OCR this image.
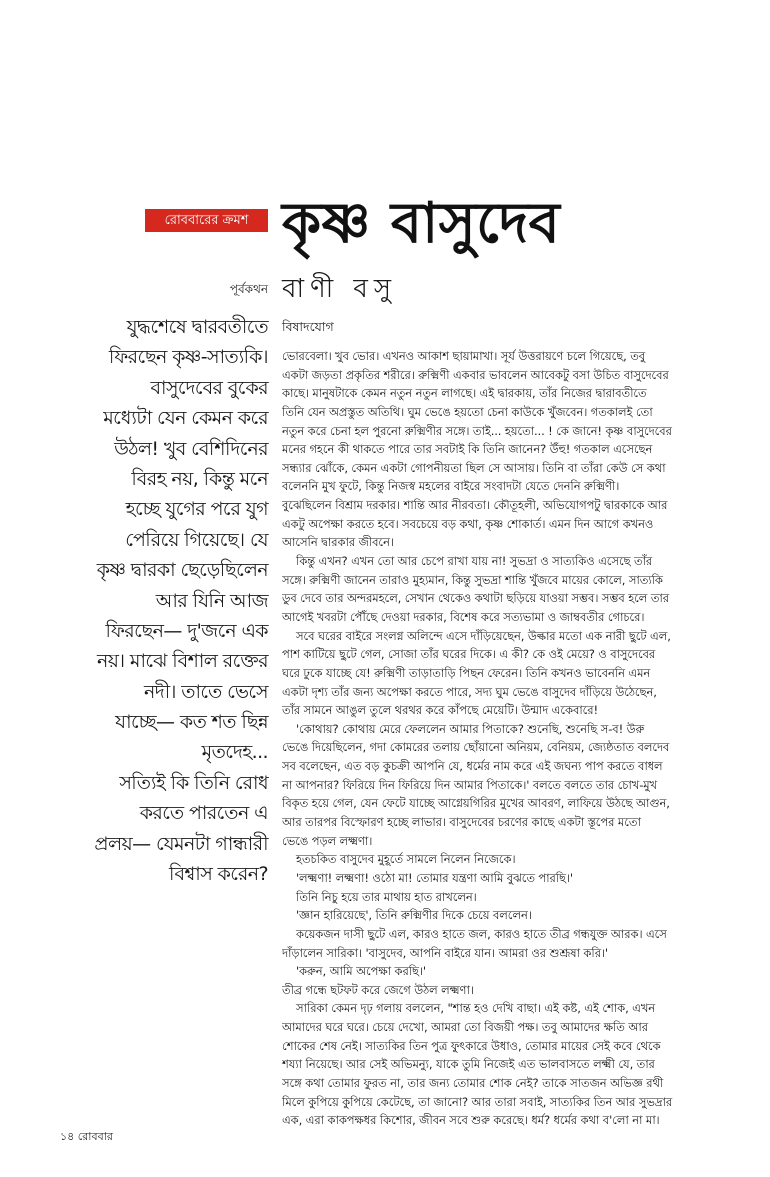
রোববারের ক্রমশ কৃষ্ণ বাসুদেব
পূর্বকথন বাণী বসু
বিষাদযোগ
যুদ্ধশেষে দ্বারবতীতে
ফিরছেন কৃষ্ণ-সাত্যকি।
বাসুদেবের বুকের
মধ্যেটা যেন কেমন করে
উঠল! খুব বেশিদিনের
বিরহ নয়, কিন্তু মনে
হচ্ছে যুগের পরে যুগ
পেরিয়ে গিয়েছে। যে
কৃষ্ণ দ্বারকা ছেড়েছিলেন
আর যিনি আজ
ফিরছেন— দু'জনে এক
নয়। মাঝে বিশাল রক্তের
নদী। তাতে ভেসে
যাচ্ছে— কত শত ছিন্ন
মৃতদেহ...
সত্যিই কি তিনি রোধ
করতে পারতেন এ
প্রলয়— যেমনটা গান্ধারী
বিশ্বাস করেন?
ভোরবেলা। খুব ভোর। এখনও আকাশ ছায়ামাখা। সূর্য উত্তরায়ণে চলে গিয়েছে, তবু
একটা জড়তা প্রকৃতির শরীরে। রুক্মিণী একবার ভাবলেন আবেকটু বসা উচিত বাসুদেবের
কাছে। মানুষটাকে কেমন নতুন নতুন লাগছে। এই দ্বারকায়, তাঁর নিজের দ্বারাবতীতে
তিনি যেন অপ্রস্তুত অতিথি। ঘুম ভেঙে হয়তো চেনা কাউকে খুঁজবেন। গতকালই তো
নতুন করে চেনা হল পুরনো রুক্মিণীর সঙ্গে। তাই... হয়তো... ! কে জানে! কৃষ্ণ বাসুদেবের
মনের গহনে কী থাকতে পারে তার সবটাই কি তিনি জানেন? উঁহু! গতকাল এসেছেন
সন্ধ্যার ঝোঁকে, কেমন একটা গোপনীয়তা ছিল সে আসায়। তিনি বা তাঁরা কেউ সে কথা
বলেননি মুখ ফুটে, কিন্তু নিজস্ব মহলের বাইরে সংবাদটা যেতে দেননি রুক্মিণী।
বুঝেছিলেন বিশ্রাম দরকার। শান্তি আর নীরবতা। কৌতূহলী, অভিযোগপটু দ্বারকাকে আর
একটু অপেক্ষা করতে হবে। সবচেয়ে বড় কথা, কৃষ্ণ শোকার্ত। এমন দিন আগে কখনও
আসেনি দ্বারকার জীবনে।
কিন্তু এখন? এখন তো আর চেপে রাখা যায় না! সুভদ্রা ও সাত্যকিও এসেছে তাঁর
সঙ্গে। রুক্মিণী জানেন তারাও মুহ্যমান, কিন্তু সুভদ্রা শান্তি খুঁজবে মায়ের কোলে, সাত্যকি
ডুব দেবে তার অন্দরমহলে, সেখান থেকেও কথাটা ছড়িয়ে যাওয়া সম্ভব। সম্ভব হলে তার
আগেই খবরটা পৌঁছে দেওয়া দরকার, বিশেষ করে সত্যভামা ও জাম্ববতীর গোচরে।
সবে ঘরের বাইরে সংলগ্ন অলিন্দে এসে দাঁড়িয়েছেন, উল্কার মতো এক নারী ছুটে এল,
পাশ কাটিয়ে ছুটে গেল, সোজা তাঁর ঘরের দিকে। এ কী? কে ওই মেয়ে? ও বাসুদেবের
ঘরে ঢুকে যাচ্ছে যে! রুক্মিণী তাড়াতাড়ি পিছন ফেরেন। তিনি কখনও ভাবেননি এমন
একটা দৃশ্য তাঁর জন্য অপেক্ষা করতে পারে, সদ্য ঘুম ভেঙে বাসুদেব দাঁড়িয়ে উঠেছেন,
তাঁর সামনে আঙুল তুলে থরথর করে কাঁপছে মেয়েটি। উন্মাদ একেবারে!
'কোথায়? কোথায় মেরে ফেললেন আমার পিতাকে? শুনেছি, শুনেছি স-ব! উরু
ভেঙে দিয়েছিলেন, গদা কোমরের তলায় ছোঁয়ানো অনিয়ম, বেনিয়ম, জ্যেষ্ঠতাত বলদেব
সব বলেছেন, এত বড় কুচক্রী আপনি যে, ধর্মের নাম করে এই জঘন্য পাপ করতে বাধল
না আপনার? ফিরিয়ে দিন ফিরিয়ে দিন আমার পিতাকে।' বলতে বলতে তার চোখ-মুখ
বিকৃত হয়ে গেল, যেন ফেটে যাচ্ছে আগ্নেয়গিরির মুখের আবরণ, লাফিয়ে উঠছে আগুন,
আর তারপর বিস্ফোরণ হচ্ছে লাভার। বাসুদেবের চরণের কাছে একটা স্তূপের মতো
ভেঙে পড়ল লক্ষ্মণা।
হতচকিত বাসুদেব মুহূর্তে সামলে নিলেন নিজেকে।
'লক্ষ্মণা! লক্ষ্মণা! ওঠো মা! তোমার যন্ত্রণা আমি বুঝতে পারছি।'
তিনি নিচু হয়ে তার মাথায় হাত রাখলেন।
'জ্ঞান হারিয়েছে', তিনি রুক্মিণীর দিকে চেয়ে বললেন।
কয়েকজন দাসী ছুটে এল, কারও হাতে জল, কারও হাতে তীব্র গন্ধযুক্ত আরক। এসে
দাঁড়ালেন সারিকা। 'বাসুদেব, আপনি বাইরে যান। আমরা ওর শুশ্রূষা করি।'
'করুন, আমি অপেক্ষা করছি।'
তীব্র গন্ধে ছটফট করে জেগে উঠল লক্ষ্মণা।
সারিকা কেমন দৃঢ় গলায় বললেন, "শান্ত হও দেখি বাছা। এই কষ্ট, এই শোক, এখন
আমাদের ঘরে ঘরে। চেয়ে দেখো, আমরা তো বিজয়ী পক্ষ। তবু আমাদের ক্ষতি আর
শোকের শেষ নেই। সাত্যকির তিন পুত্র ফুৎকারে উধাও, তোমার মায়ের সেই কবে থেকে
শয্যা নিয়েছে। আর সেই অভিমন্যু, যাকে তুমি নিজেই এত ভালবাসতে লক্ষ্মী যে, তার
সঙ্গে কথা তোমার ফুরত না, তার জন্য তোমার শোক নেই? তাকে সাতজন অভিজ্ঞ রথী
মিলে কুপিয়ে কুপিয়ে কেটেছে, তা জানো? আর তারা সবাই, সাত্যকির তিন আর সুভদ্রার
এক, এরা কাকপক্ষধর কিশোর, জীবন সবে শুরু করেছে। ধর্ম? ধর্মের কথা ব'লো না মা।
১৪ রোববার
